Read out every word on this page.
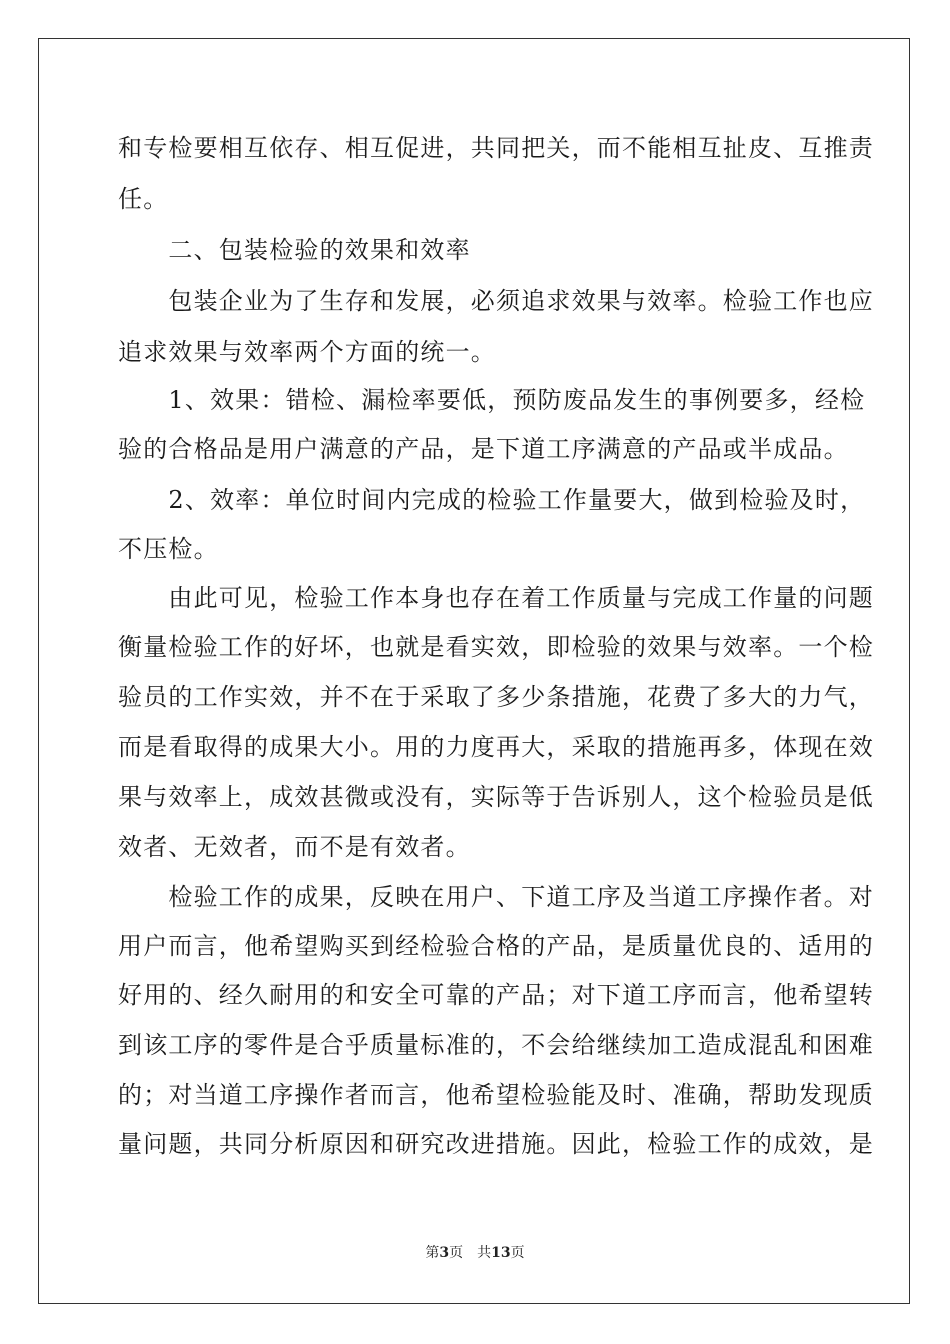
和专检要相互依存、相互促进，共同把关，而不能相互扯皮、互推责
任。
　　二、包装检验的效果和效率
　　包装企业为了生存和发展，必须追求效果与效率。检验工作也应
追求效果与效率两个方面的统一。
　　1、效果：错检、漏检率要低，预防废品发生的事例要多，经检
验的合格品是用户满意的产品，是下道工序满意的产品或半成品。
　　2、效率：单位时间内完成的检验工作量要大，做到检验及时，
不压检。
　　由此可见，检验工作本身也存在着工作质量与完成工作量的问题
衡量检验工作的好坏，也就是看实效，即检验的效果与效率。一个检
验员的工作实效，并不在于采取了多少条措施，花费了多大的力气，
而是看取得的成果大小。用的力度再大，采取的措施再多，体现在效
果与效率上，成效甚微或没有，实际等于告诉别人，这个检验员是低
效者、无效者，而不是有效者。
　　检验工作的成果，反映在用户、下道工序及当道工序操作者。对
用户而言，他希望购买到经检验合格的产品，是质量优良的、适用的
好用的、经久耐用的和安全可靠的产品；对下道工序而言，他希望转
到该工序的零件是合乎质量标准的，不会给继续加工造成混乱和困难
的；对当道工序操作者而言，他希望检验能及时、准确，帮助发现质
量问题，共同分析原因和研究改进措施。因此，检验工作的成效，是
第3页 共13页
